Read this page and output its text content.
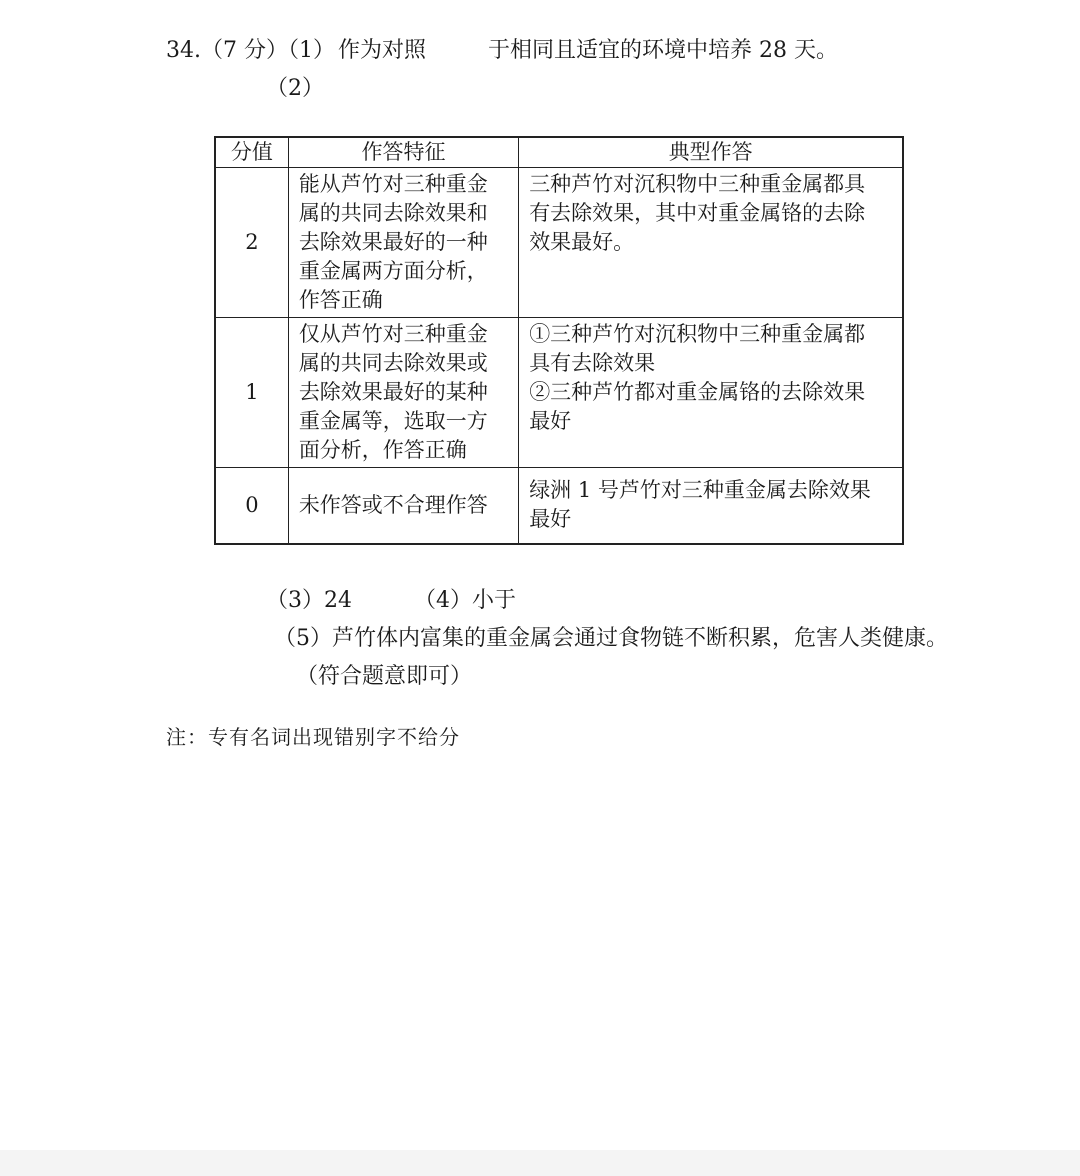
34.（7 分）（1） 作为对照	于相同且适宜的环境中培养 28 天。
（2）
分值	作答特征	典型作答
2	能从芦竹对三种重金
属的共同去除效果和
去除效果最好的一种
重金属两方面分析，
作答正确	三种芦竹对沉积物中三种重金属都具
有去除效果，其中对重金属铬的去除
效果最好。

1	仅从芦竹对三种重金
属的共同去除效果或
去除效果最好的某种
重金属等，选取一方
面分析，作答正确	①三种芦竹对沉积物中三种重金属都
具有去除效果
②三种芦竹都对重金属铬的去除效果
最好

0	未作答或不合理作答	绿洲 1 号芦竹对三种重金属去除效果
最好
（3）24	（4）小于
（5）芦竹体内富集的重金属会通过食物链不断积累，危害人类健康。
（符合题意即可）
注：专有名词出现错别字不给分
